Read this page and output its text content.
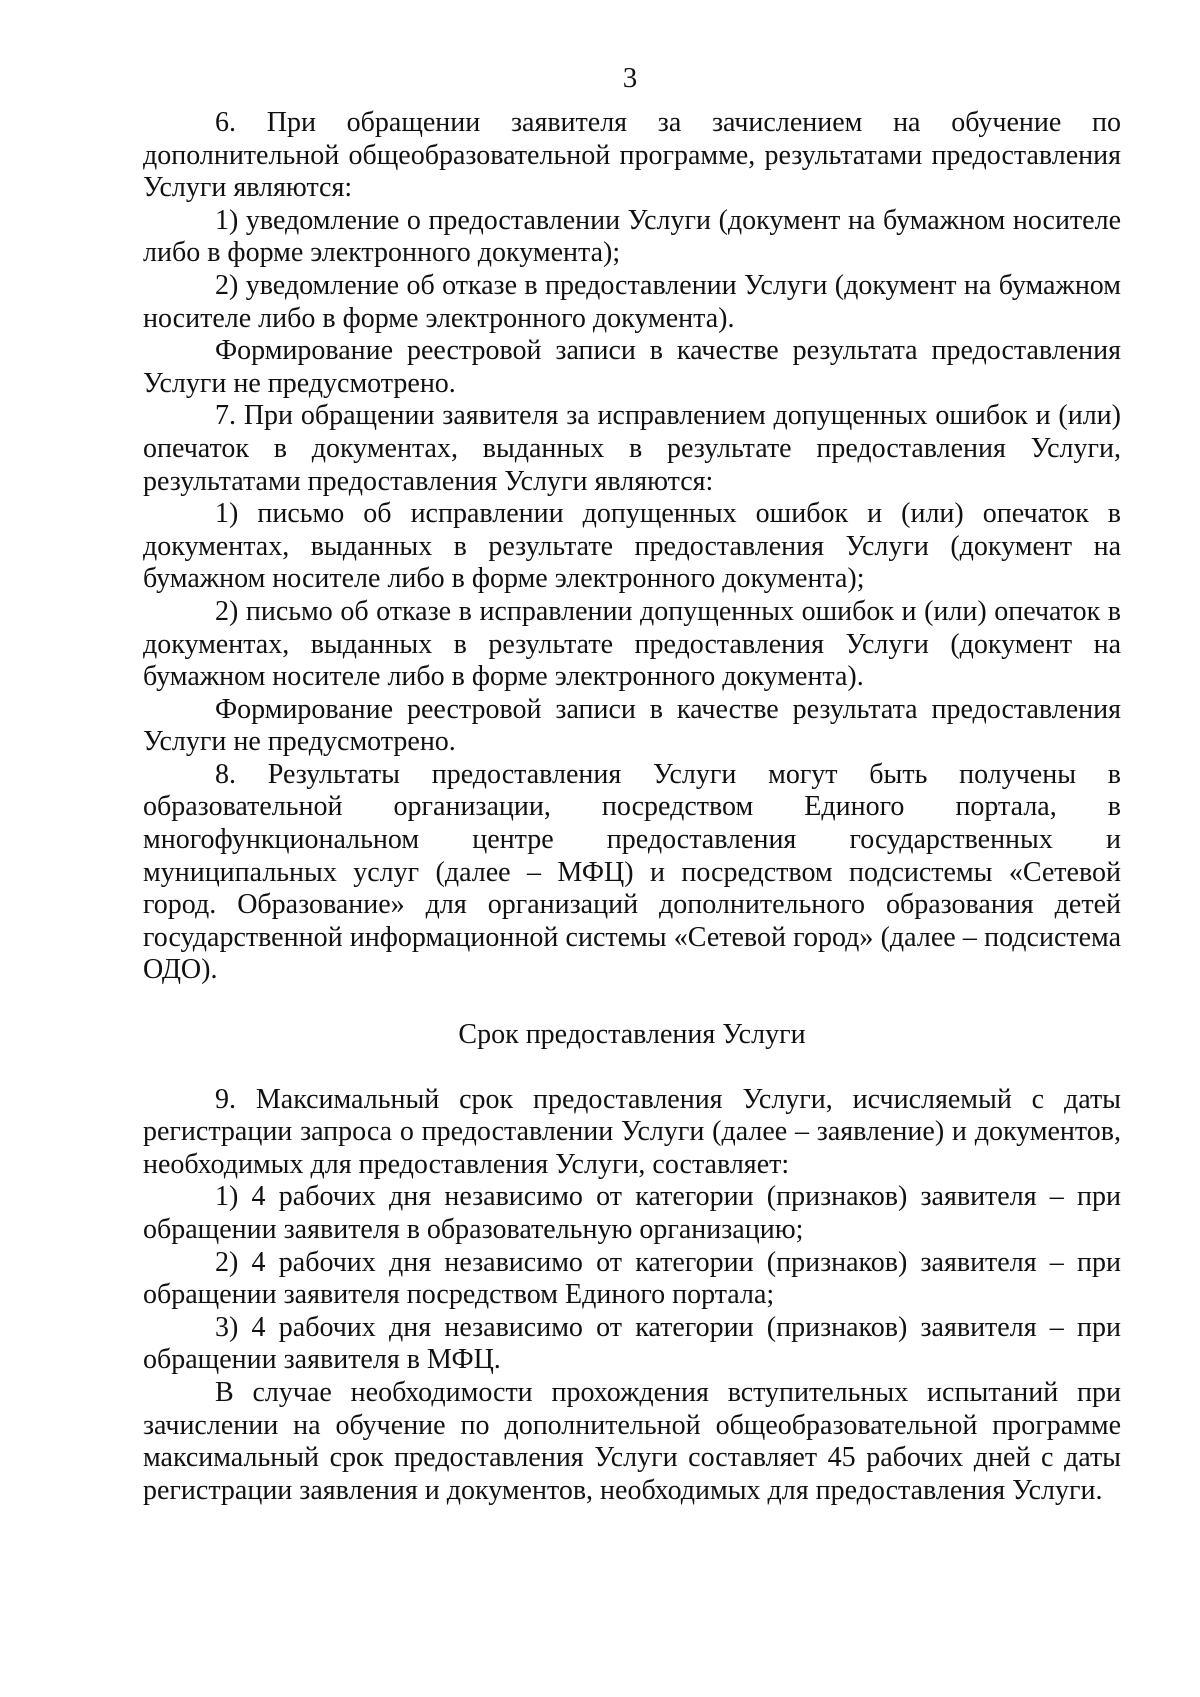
3

6. При обращении заявителя за зачислением на обучение по дополнительной общеобразовательной программе, результатами предоставления Услуги являются:

1) уведомление о предоставлении Услуги (документ на бумажном носителе либо в форме электронного документа);

2) уведомление об отказе в предоставлении Услуги (документ на бумажном носителе либо в форме электронного документа).

Формирование реестровой записи в качестве результата предоставления Услуги не предусмотрено.

7. При обращении заявителя за исправлением допущенных ошибок и (или) опечаток в документах, выданных в результате предоставления Услуги, результатами предоставления Услуги являются:

1) письмо об исправлении допущенных ошибок и (или) опечаток в документах, выданных в результате предоставления Услуги (документ на бумажном носителе либо в форме электронного документа);

2) письмо об отказе в исправлении допущенных ошибок и (или) опечаток в документах, выданных в результате предоставления Услуги (документ на бумажном носителе либо в форме электронного документа).

Формирование реестровой записи в качестве результата предоставления Услуги не предусмотрено.

8. Результаты предоставления Услуги могут быть получены в образовательной организации, посредством Единого портала, в многофункциональном центре предоставления государственных и муниципальных услуг (далее – МФЦ) и посредством подсистемы «Сетевой город. Образование» для организаций дополнительного образования детей государственной информационной системы «Сетевой город» (далее – подсистема ОДО).

Срок предоставления Услуги

9. Максимальный срок предоставления Услуги, исчисляемый с даты регистрации запроса о предоставлении Услуги (далее – заявление) и документов, необходимых для предоставления Услуги, составляет:

1) 4 рабочих дня независимо от категории (признаков) заявителя – при обращении заявителя в образовательную организацию;

2) 4 рабочих дня независимо от категории (признаков) заявителя – при обращении заявителя посредством Единого портала;

3) 4 рабочих дня независимо от категории (признаков) заявителя – при обращении заявителя в МФЦ.

В случае необходимости прохождения вступительных испытаний при зачислении на обучение по дополнительной общеобразовательной программе максимальный срок предоставления Услуги составляет 45 рабочих дней с даты регистрации заявления и документов, необходимых для предоставления Услуги.
